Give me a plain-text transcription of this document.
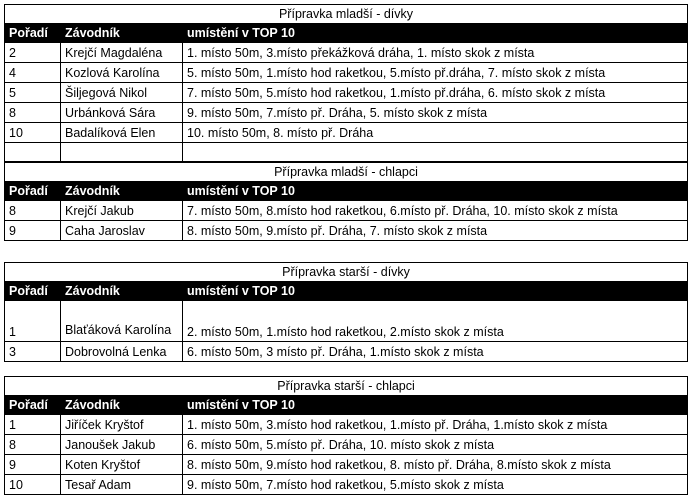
Přípravka mladší - dívky		
Pořadí	Závodník	umístění v TOP 10
2	Krejčí Magdaléna	1. místo 50m, 3.místo překážková dráha, 1. místo skok z místa
4	Kozlová Karolína	5. místo 50m, 1.místo hod raketkou, 5.místo př.dráha, 7. místo skok z místa
5	Šiljegová Nikol	7. místo 50m, 5.místo hod raketkou, 1.místo př.dráha, 6. místo skok z místa
8	Urbánková Sára	9. místo 50m, 7.místo př. Dráha, 5. místo skok z místa
10	Badalíková Elen	10. místo 50m, 8. místo př. Dráha

Přípravka mladší - chlapci		
Pořadí	Závodník	umístění v TOP 10
8	Krejčí Jakub	7. místo 50m, 8.místo hod raketkou, 6.místo př. Dráha, 10. místo skok z místa
9	Caha Jaroslav	8. místo 50m, 9.místo př. Dráha, 7. místo skok z místa
Přípravka starší - dívky		
Pořadí	Závodník	umístění v TOP 10
1	Blaťáková Karolína	2. místo 50m, 1.místo hod raketkou, 2.místo skok z místa
3	Dobrovolná Lenka	6. místo 50m, 3 místo př. Dráha, 1.místo skok z místa
Přípravka starší - chlapci		
Pořadí	Závodník	umístění v TOP 10
1	Jiříček Kryštof	1. místo 50m, 3.místo hod raketkou, 1.místo př. Dráha, 1.místo skok z místa
8	Janoušek Jakub	6. místo 50m, 5.místo př. Dráha, 10. místo skok z místa
9	Koten Kryštof	8. místo 50m, 9.místo hod raketkou, 8. místo př. Dráha, 8.místo skok z místa
10	Tesař Adam	9. místo 50m, 7.místo hod raketkou, 5.místo skok z místa
